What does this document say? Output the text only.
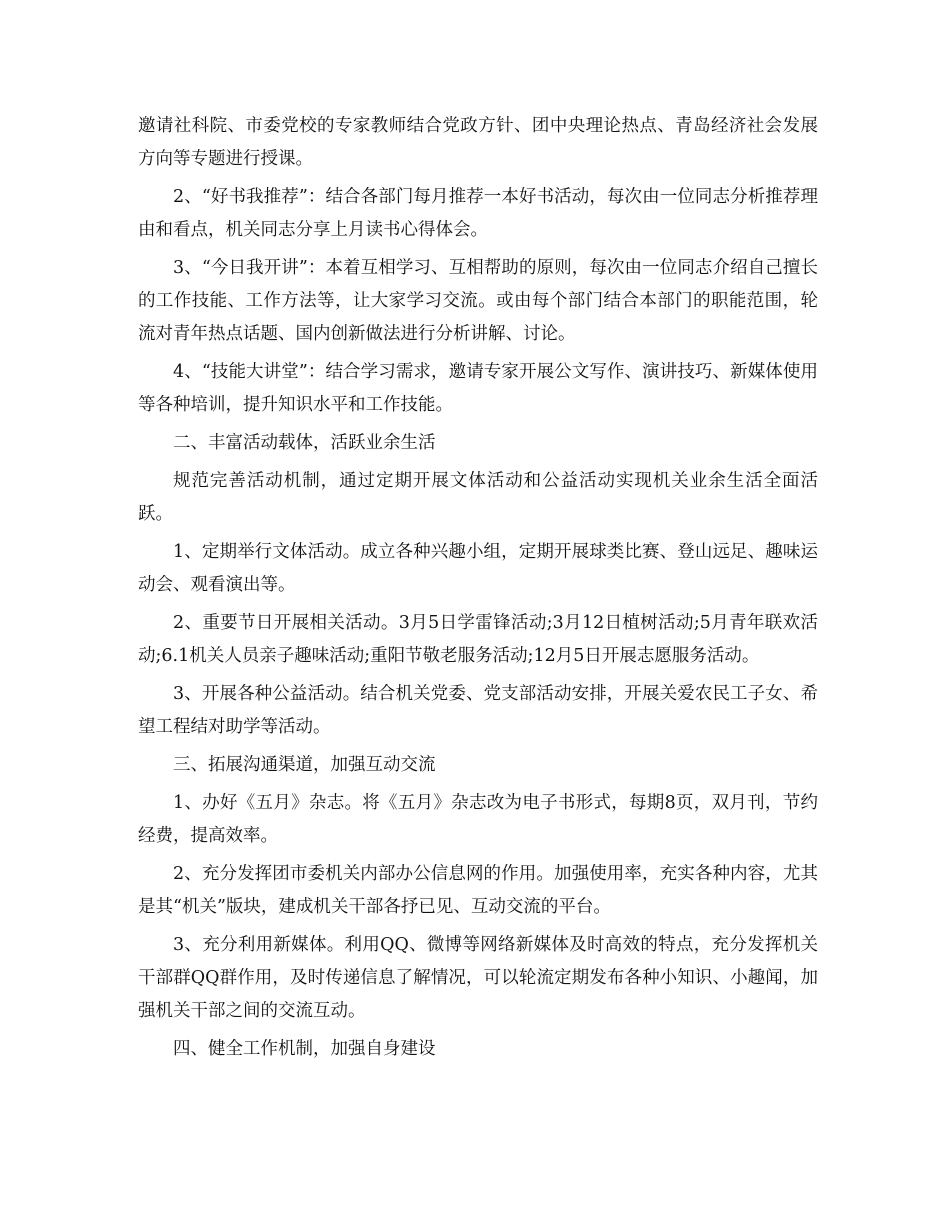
邀请社科院、市委党校的专家教师结合党政方针、团中央理论热点、青岛经济社会发展方向等专题进行授课。

2、“好书我推荐”：结合各部门每月推荐一本好书活动，每次由一位同志分析推荐理由和看点，机关同志分享上月读书心得体会。

3、“今日我开讲”：本着互相学习、互相帮助的原则，每次由一位同志介绍自己擅长的工作技能、工作方法等，让大家学习交流。或由每个部门结合本部门的职能范围，轮流对青年热点话题、国内创新做法进行分析讲解、讨论。

4、“技能大讲堂”：结合学习需求，邀请专家开展公文写作、演讲技巧、新媒体使用等各种培训，提升知识水平和工作技能。

二、丰富活动载体，活跃业余生活

规范完善活动机制，通过定期开展文体活动和公益活动实现机关业余生活全面活跃。

1、定期举行文体活动。成立各种兴趣小组，定期开展球类比赛、登山远足、趣味运动会、观看演出等。

2、重要节日开展相关活动。3月5日学雷锋活动;3月12日植树活动;5月青年联欢活动;6.1机关人员亲子趣味活动;重阳节敬老服务活动;12月5日开展志愿服务活动。

3、开展各种公益活动。结合机关党委、党支部活动安排，开展关爱农民工子女、希望工程结对助学等活动。

三、拓展沟通渠道，加强互动交流

1、办好《五月》杂志。将《五月》杂志改为电子书形式，每期8页，双月刊，节约经费，提高效率。

2、充分发挥团市委机关内部办公信息网的作用。加强使用率，充实各种内容，尤其是其“机关”版块，建成机关干部各抒已见、互动交流的平台。

3、充分利用新媒体。利用QQ、微博等网络新媒体及时高效的特点，充分发挥机关干部群QQ群作用，及时传递信息了解情况，可以轮流定期发布各种小知识、小趣闻，加强机关干部之间的交流互动。

四、健全工作机制，加强自身建设
